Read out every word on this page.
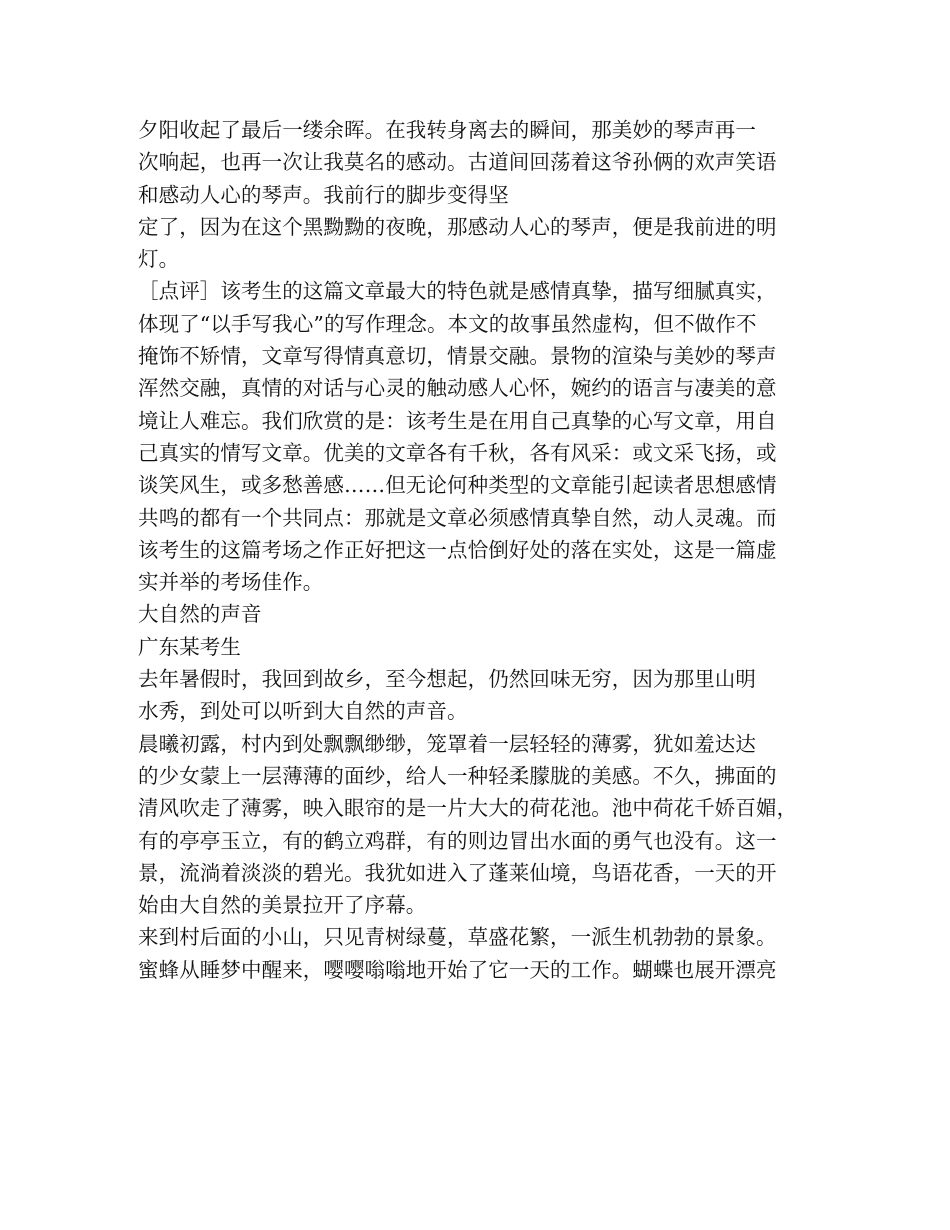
夕阳收起了最后一缕余晖。在我转身离去的瞬间，那美妙的琴声再一
次响起，也再一次让我莫名的感动。古道间回荡着这爷孙俩的欢声笑语
和感动人心的琴声。我前行的脚步变得坚
定了，因为在这个黑黝黝的夜晚，那感动人心的琴声，便是我前进的明
灯。
［点评］该考生的这篇文章最大的特色就是感情真挚，描写细腻真实，
体现了“以手写我心”的写作理念。本文的故事虽然虚构，但不做作不
掩饰不矫情，文章写得情真意切，情景交融。景物的渲染与美妙的琴声
浑然交融，真情的对话与心灵的触动感人心怀，婉约的语言与凄美的意
境让人难忘。我们欣赏的是：该考生是在用自己真挚的心写文章，用自
己真实的情写文章。优美的文章各有千秋，各有风采：或文采飞扬，或
谈笑风生，或多愁善感……但无论何种类型的文章能引起读者思想感情
共鸣的都有一个共同点：那就是文章必须感情真挚自然，动人灵魂。而
该考生的这篇考场之作正好把这一点恰倒好处的落在实处，这是一篇虚
实并举的考场佳作。
大自然的声音
广东某考生
去年暑假时，我回到故乡，至今想起，仍然回味无穷，因为那里山明
水秀，到处可以听到大自然的声音。
晨曦初露，村内到处飘飘缈缈，笼罩着一层轻轻的薄雾，犹如羞达达
的少女蒙上一层薄薄的面纱，给人一种轻柔朦胧的美感。不久，拂面的
清风吹走了薄雾，映入眼帘的是一片大大的荷花池。池中荷花千娇百媚，
有的亭亭玉立，有的鹤立鸡群，有的则边冒出水面的勇气也没有。这一
景，流淌着淡淡的碧光。我犹如进入了蓬莱仙境，鸟语花香，一天的开
始由大自然的美景拉开了序幕。
来到村后面的小山，只见青树绿蔓，草盛花繁，一派生机勃勃的景象。
蜜蜂从睡梦中醒来，嘤嘤嗡嗡地开始了它一天的工作。蝴蝶也展开漂亮
